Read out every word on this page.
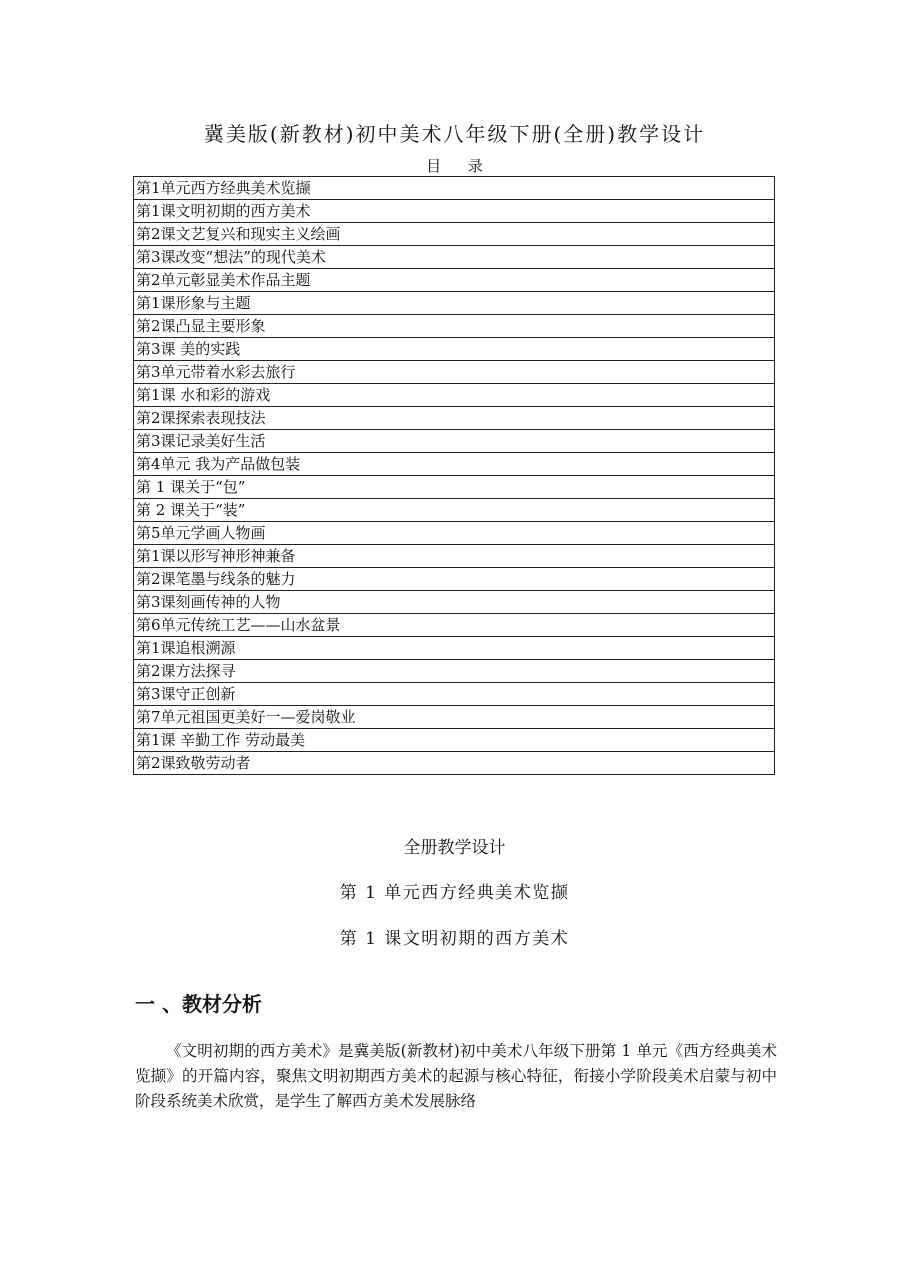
冀美版(新教材)初中美术八年级下册(全册)教学设计
目 录
第1单元西方经典美术览撷
第1课文明初期的西方美术
第2课文艺复兴和现实主义绘画
第3课改变“想法”的现代美术
第2单元彰显美术作品主题
第1课形象与主题
第2课凸显主要形象
第3课 美的实践
第3单元带着水彩去旅行
第1课 水和彩的游戏
第2课探索表现技法
第3课记录美好生活
第4单元 我为产品做包装
第 1 课关于“包”
第 2 课关于“装”
第5单元学画人物画
第1课以形写神形神兼备
第2课笔墨与线条的魅力
第3课刻画传神的人物
第6单元传统工艺——山水盆景
第1课追根溯源
第2课方法探寻
第3课守正创新
第7单元祖国更美好一—爱岗敬业
第1课 辛勤工作 劳动最美
第2课致敬劳动者
全册教学设计
第 1 单元西方经典美术览撷
第 1 课文明初期的西方美术
一 、教材分析
《文明初期的西方美术》是冀美版(新教材)初中美术八年级下册第 1 单元《西方经典美术览撷》的开篇内容，聚焦文明初期西方美术的起源与核心特征，衔接小学阶段美术启蒙与初中阶段系统美术欣赏，是学生了解西方美术发展脉络
